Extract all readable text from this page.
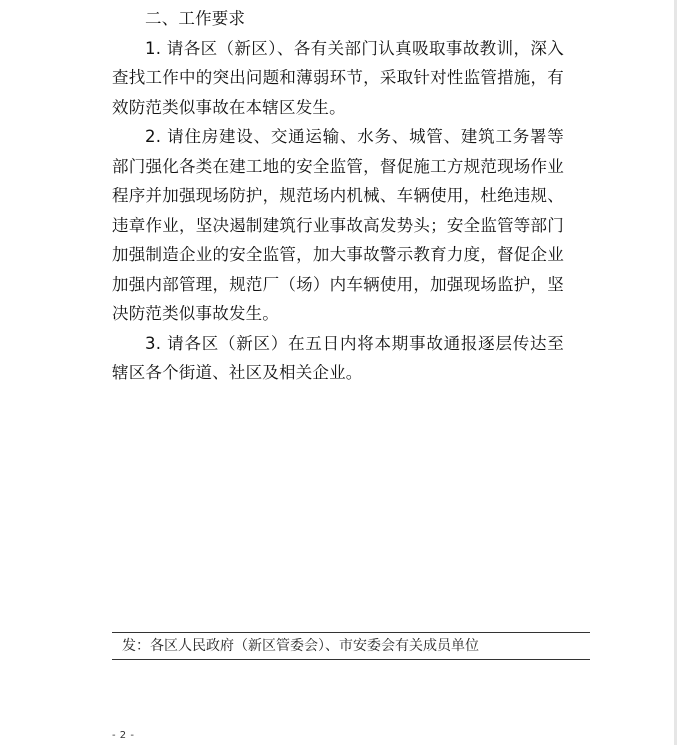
二、工作要求

1. 请各区（新区）、各有关部门认真吸取事故教训，深入查找工作中的突出问题和薄弱环节，采取针对性监管措施，有效防范类似事故在本辖区发生。

2. 请住房建设、交通运输、水务、城管、建筑工务署等部门强化各类在建工地的安全监管，督促施工方规范现场作业程序并加强现场防护，规范场内机械、车辆使用，杜绝违规、违章作业，坚决遏制建筑行业事故高发势头；安全监管等部门加强制造企业的安全监管，加大事故警示教育力度，督促企业加强内部管理，规范厂（场）内车辆使用，加强现场监护，坚决防范类似事故发生。

3. 请各区（新区）在五日内将本期事故通报逐层传达至辖区各个街道、社区及相关企业。

发：各区人民政府（新区管委会）、市安委会有关成员单位
- 2 -
